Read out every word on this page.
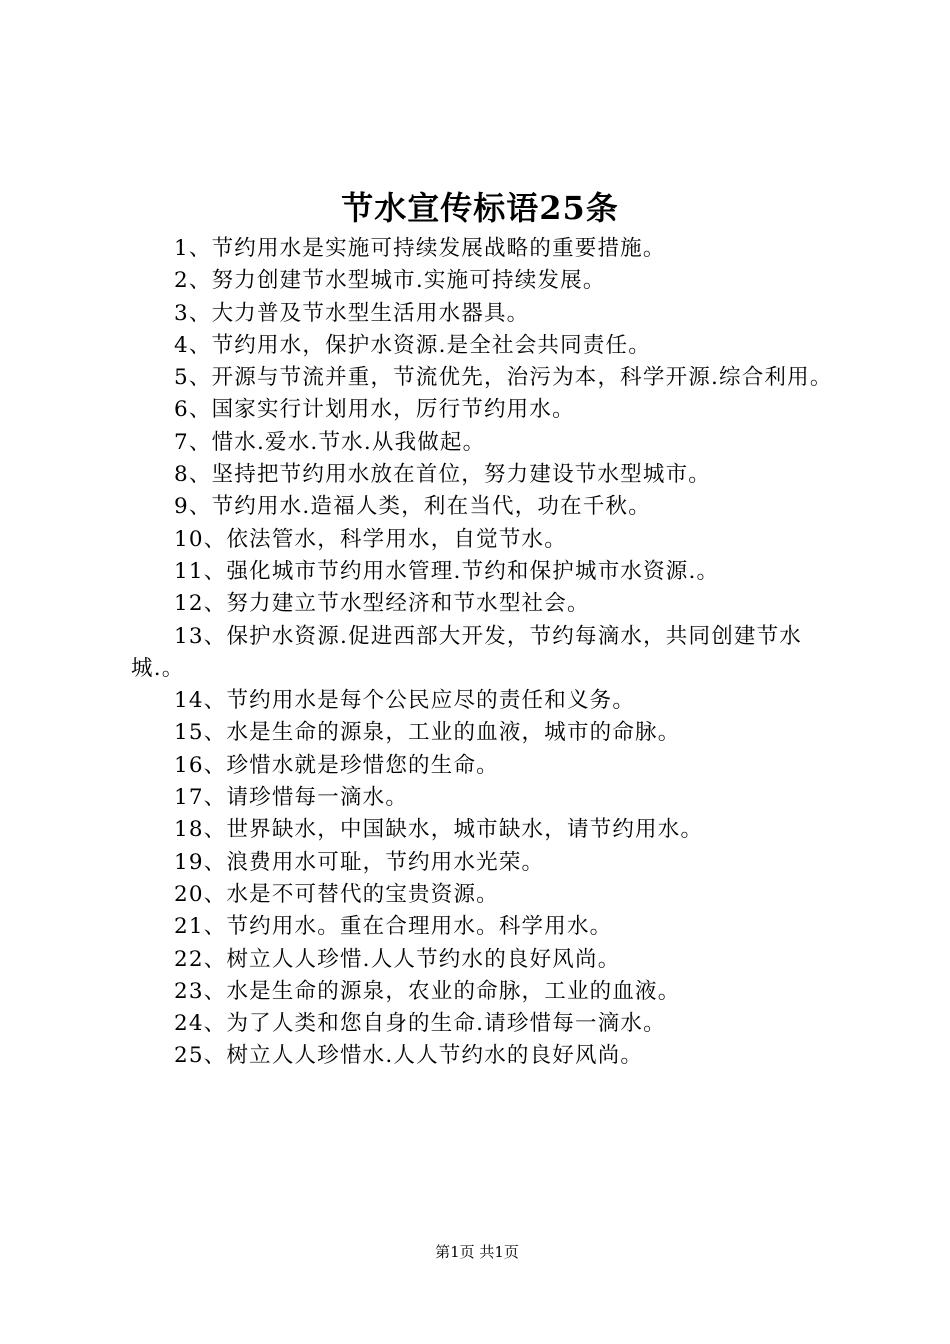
节水宣传标语25条

1、节约用水是实施可持续发展战略的重要措施。

2、努力创建节水型城市.实施可持续发展。

3、大力普及节水型生活用水器具。

4、节约用水，保护水资源.是全社会共同责任。

5、开源与节流并重，节流优先，治污为本，科学开源.综合利用。

6、国家实行计划用水，厉行节约用水。

7、惜水.爱水.节水.从我做起。

8、坚持把节约用水放在首位，努力建设节水型城市。

9、节约用水.造福人类，利在当代，功在千秋。

10、依法管水，科学用水，自觉节水。

11、强化城市节约用水管理.节约和保护城市水资源.。

12、努力建立节水型经济和节水型社会。

13、保护水资源.促进西部大开发，节约每滴水，共同创建节水城.。

14、节约用水是每个公民应尽的责任和义务。

15、水是生命的源泉，工业的血液，城市的命脉。

16、珍惜水就是珍惜您的生命。

17、请珍惜每一滴水。

18、世界缺水，中国缺水，城市缺水，请节约用水。

19、浪费用水可耻，节约用水光荣。

20、水是不可替代的宝贵资源。

21、节约用水。重在合理用水。科学用水。

22、树立人人珍惜.人人节约水的良好风尚。

23、水是生命的源泉，农业的命脉，工业的血液。

24、为了人类和您自身的生命.请珍惜每一滴水。

25、树立人人珍惜水.人人节约水的良好风尚。

第1页 共1页
